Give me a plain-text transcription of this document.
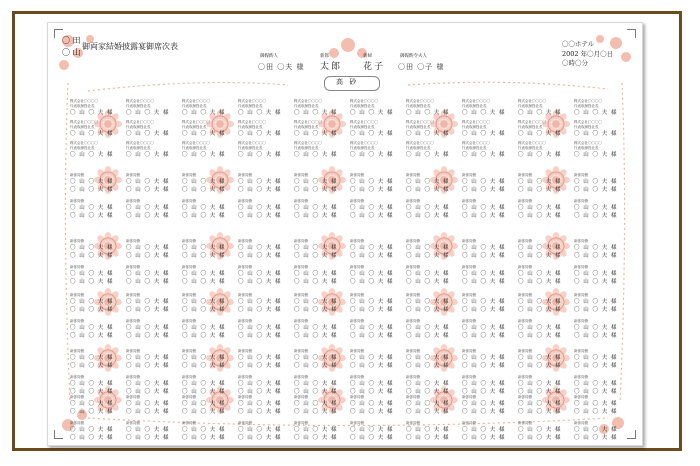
〇 田
〇 山
御両家結婚披露宴御席次表
御媒酌人
〇田 〇夫 様
新郎
太郎
新婦
花子
御媒酌令夫人
〇田 〇子 様
高 砂
〇〇ホテル
2002 年〇月〇日
〇時〇分
株式会社〇〇〇〇
代表取締役社長
〇 山 〇 夫 様
株式会社〇〇〇〇
代表取締役社長
〇 山 〇 夫 様
株式会社〇〇〇〇
代表取締役社長
〇 山 〇 夫 様
株式会社〇〇〇〇
代表取締役社長
〇 山 〇 夫 様
株式会社〇〇〇〇
代表取締役社長
〇 山 〇 夫 様
株式会社〇〇〇〇
代表取締役社長
〇 山 〇 夫 様
株式会社〇〇〇〇
代表取締役社長
〇 山 〇 夫 様
株式会社〇〇〇〇
代表取締役社長
〇 山 〇 夫 様
株式会社〇〇〇〇
代表取締役社長
〇 山 〇 夫 様
株式会社〇〇〇〇
代表取締役社長
〇 山 〇 夫 様
株式会社〇〇〇〇
代表取締役社長
〇 山 〇 夫 様
株式会社〇〇〇〇
代表取締役社長
〇 山 〇 夫 様
株式会社〇〇〇〇
代表取締役社長
〇 山 〇 夫 様
株式会社〇〇〇〇
代表取締役社長
〇 山 〇 夫 様
株式会社〇〇〇〇
代表取締役社長
〇 山 〇 夫 様
株式会社〇〇〇〇
代表取締役社長
〇 山 〇 夫 様
株式会社〇〇〇〇
代表取締役社長
〇 山 〇 夫 様
株式会社〇〇〇〇
代表取締役社長
〇 山 〇 夫 様
株式会社〇〇〇〇
代表取締役社長
〇 山 〇 夫 様
株式会社〇〇〇〇
代表取締役社長
〇 山 〇 夫 様
株式会社〇〇〇〇
代表取締役社長
〇 山 〇 夫 様
株式会社〇〇〇〇
代表取締役社長
〇 山 〇 夫 様
株式会社〇〇〇〇
代表取締役社長
〇 山 〇 夫 様
株式会社〇〇〇〇
代表取締役社長
〇 山 〇 夫 様
株式会社〇〇〇〇
代表取締役社長
〇 山 〇 夫 様
株式会社〇〇〇〇
代表取締役社長
〇 山 〇 夫 様
株式会社〇〇〇〇
代表取締役社長
〇 山 〇 夫 様
株式会社〇〇〇〇
代表取締役社長
〇 山 〇 夫 様
株式会社〇〇〇〇
代表取締役社長
〇 山 〇 夫 様
株式会社〇〇〇〇
代表取締役社長
〇 山 〇 夫 様
新郎同僚
〇 山 〇 夫 様
〇 山 〇 夫 様
新郎同僚
〇 山 〇 夫 様
〇 山 〇 夫 様
新郎同僚
〇 山 〇 夫 様
〇 山 〇 夫 様
新郎同僚
〇 山 〇 夫 様
〇 山 〇 夫 様
新郎同僚
〇 山 〇 夫 様
〇 山 〇 夫 様
新郎同僚
〇 山 〇 夫 様
〇 山 〇 夫 様
新郎同僚
〇 山 〇 夫 様
〇 山 〇 夫 様
新郎同僚
〇 山 〇 夫 様
〇 山 〇 夫 様
新郎同僚
〇 山 〇 夫 様
〇 山 〇 夫 様
新郎同僚
〇 山 〇 夫 様
〇 山 〇 夫 様
新郎同僚
〇 山 〇 夫 様
〇 山 〇 夫 様
新郎同僚
〇 山 〇 夫 様
〇 山 〇 夫 様
新郎同僚
〇 山 〇 夫 様
〇 山 〇 夫 様
新郎同僚
〇 山 〇 夫 様
〇 山 〇 夫 様
新郎同僚
〇 山 〇 夫 様
〇 山 〇 夫 様
新郎同僚
〇 山 〇 夫 様
〇 山 〇 夫 様
新郎同僚
〇 山 〇 夫 様
〇 山 〇 夫 様
新郎同僚
〇 山 〇 夫 様
〇 山 〇 夫 様
新郎同僚
〇 山 〇 夫 様
〇 山 〇 夫 様
新郎同僚
〇 山 〇 夫 様
〇 山 〇 夫 様
新郎同僚
〇 山 〇 夫 様
〇 山 〇 夫 様
新郎同僚
〇 山 〇 夫 様
〇 山 〇 夫 様
新郎同僚
〇 山 〇 夫 様
〇 山 〇 夫 様
新郎同僚
〇 山 〇 夫 様
〇 山 〇 夫 様
新郎同僚
〇 山 〇 夫 様
〇 山 〇 夫 様
新郎同僚
〇 山 〇 夫 様
〇 山 〇 夫 様
新郎同僚
〇 山 〇 夫 様
〇 山 〇 夫 様
新郎同僚
〇 山 〇 夫 様
〇 山 〇 夫 様
新郎同僚
〇 山 〇 夫 様
〇 山 〇 夫 様
新郎同僚
〇 山 〇 夫 様
〇 山 〇 夫 様
新郎同僚
〇 山 〇 夫 様
〇 山 〇 夫 様
新郎同僚
〇 山 〇 夫 様
〇 山 〇 夫 様
新郎同僚
〇 山 〇 夫 様
〇 山 〇 夫 様
新郎同僚
〇 山 〇 夫 様
〇 山 〇 夫 様
新郎同僚
〇 山 〇 夫 様
〇 山 〇 夫 様
新郎同僚
〇 山 〇 夫 様
〇 山 〇 夫 様
新郎同僚
〇 山 〇 夫 様
〇 山 〇 夫 様
新郎同僚
〇 山 〇 夫 様
〇 山 〇 夫 様
新郎同僚
〇 山 〇 夫 様
〇 山 〇 夫 様
新郎同僚
〇 山 〇 夫 様
〇 山 〇 夫 様
新郎同僚
〇 山 〇 夫 様
〇 山 〇 夫 様
新郎同僚
〇 山 〇 夫 様
〇 山 〇 夫 様
新郎同僚
〇 山 〇 夫 様
〇 山 〇 夫 様
新郎同僚
〇 山 〇 夫 様
〇 山 〇 夫 様
新郎同僚
〇 山 〇 夫 様
〇 山 〇 夫 様
新郎同僚
〇 山 〇 夫 様
〇 山 〇 夫 様
新郎同僚
〇 山 〇 夫 様
〇 山 〇 夫 様
新郎同僚
〇 山 〇 夫 様
〇 山 〇 夫 様
新郎同僚
〇 山 〇 夫 様
〇 山 〇 夫 様
新郎同僚
〇 山 〇 夫 様
〇 山 〇 夫 様
新郎同僚
〇 山 〇 夫 様
〇 山 〇 夫 様
新郎同僚
〇 山 〇 夫 様
〇 山 〇 夫 様
新郎同僚
〇 山 〇 夫 様
〇 山 〇 夫 様
新郎同僚
〇 山 〇 夫 様
〇 山 〇 夫 様
新郎同僚
〇 山 〇 夫 様
〇 山 〇 夫 様
新郎同僚
〇 山 〇 夫 様
〇 山 〇 夫 様
新郎同僚
〇 山 〇 夫 様
〇 山 〇 夫 様
新郎同僚
〇 山 〇 夫 様
〇 山 〇 夫 様
新郎同僚
〇 山 〇 夫 様
〇 山 〇 夫 様
新郎同僚
〇 山 〇 夫 様
〇 山 〇 夫 様
新郎同僚
〇 山 〇 夫 様
〇 山 〇 夫 様
新郎同僚
〇 山 〇 夫 様
〇 山 〇 夫 様
新郎同僚
〇 山 〇 夫 様
〇 山 〇 夫 様
新郎同僚
〇 山 〇 夫 様
〇 山 〇 夫 様
新郎同僚
〇 山 〇 夫 様
〇 山 〇 夫 様
新郎同僚
〇 山 〇 夫 様
〇 山 〇 夫 様
新郎同僚
〇 山 〇 夫 様
〇 山 〇 夫 様
新郎同僚
〇 山 〇 夫 様
〇 山 〇 夫 様
新郎同僚
〇 山 〇 夫 様
〇 山 〇 夫 様
新郎同僚
〇 山 〇 夫 様
〇 山 〇 夫 様
新郎同僚
〇 山 〇 夫 様
〇 山 〇 夫 様
新郎同僚
〇 山 〇 夫 様
〇 山 〇 夫 様
新郎同僚
〇 山 〇 夫 様
〇 山 〇 夫 様
新郎同僚
〇 山 〇 夫 様
〇 山 〇 夫 様
新郎同僚
〇 山 〇 夫 様
〇 山 〇 夫 様
新郎同僚
〇 山 〇 夫 様
〇 山 〇 夫 様
新郎同僚
〇 山 〇 夫 様
〇 山 〇 夫 様
新郎同僚
〇 山 〇 夫 様
〇 山 〇 夫 様
新郎同僚
〇 山 〇 夫 様
〇 山 〇 夫 様
新郎同僚
〇 山 〇 夫 様
〇 山 〇 夫 様
新郎同僚
〇 山 〇 夫 様
〇 山 〇 夫 様
新郎同僚
〇 山 〇 夫 様
〇 山 〇 夫 様
新郎同僚
〇 山 〇 夫 様
〇 山 〇 夫 様
新郎同僚
〇 山 〇 夫 様
〇 山 〇 夫 様
新郎同僚
〇 山 〇 夫 様
〇 山 〇 夫 様
新郎同僚
〇 山 〇 夫 様
〇 山 〇 夫 様
新郎同僚
〇 山 〇 夫 様
〇 山 〇 夫 様
新郎同僚
〇 山 〇 夫 様
〇 山 〇 夫 様
新郎同僚
〇 山 〇 夫 様
〇 山 〇 夫 様
新郎同僚
〇 山 〇 夫 様
〇 山 〇 夫 様
新郎同僚
〇 山 〇 夫 様
〇 山 〇 夫 様
新郎同僚
〇 山 〇 夫 様
〇 山 〇 夫 様
新郎同僚
〇 山 〇 夫 様
〇 山 〇 夫 様
新郎同僚
〇 山 〇 夫 様
〇 山 〇 夫 様
新郎同僚
〇 山 〇 夫 様
〇 山 〇 夫 様
新郎同僚
〇 山 〇 夫 様
〇 山 〇 夫 様
新郎同僚
〇 山 〇 夫 様
〇 山 〇 夫 様
新郎同僚
〇 山 〇 夫 様
〇 山 〇 夫 様
新郎同僚
〇 山 〇 夫 様
〇 山 〇 夫 様
新郎同僚
〇 山 〇 夫 様
〇 山 〇 夫 様
